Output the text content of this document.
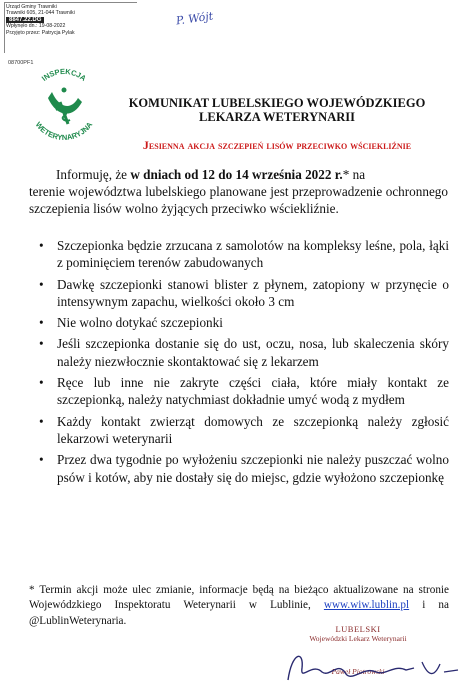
Urząd Gminy Trawniki
Trawniki 605, 21-044 Trawniki
8847.22.DG
Wpłynęło dn.: 19-08-2022
Przyjęto przez: Patrycja Pylak
08700PF1
P. Wójt
INSPEKCJA
WETERYNARYJNA
KOMUNIKAT LUBELSKIEGO WOJEWÓDZKIEGO
LEKARZA WETERYNARII
Jesienna akcja szczepień lisów przeciwko wściekliźnie
Informuję, że w dniach od 12 do 14 września 2022 r.* na
terenie województwa lubelskiego planowane jest przeprowadzenie ochronnego szczepienia lisów wolno żyjących przeciwko wściekliźnie.
• Szczepionka będzie zrzucana z samolotów na kompleksy leśne, pola, łąki z pominięciem terenów zabudowanych
• Dawkę szczepionki stanowi blister z płynem, zatopiony w przynęcie o intensywnym zapachu, wielkości około 3 cm
• Nie wolno dotykać szczepionki
• Jeśli szczepionka dostanie się do ust, oczu, nosa, lub skaleczenia skóry należy niezwłocznie skontaktować się z lekarzem
• Ręce lub inne nie zakryte części ciała, które miały kontakt ze szczepionką, należy natychmiast dokładnie umyć wodą z mydłem
• Każdy kontakt zwierząt domowych ze szczepionką należy zgłosić lekarzowi weterynarii
• Przez dwa tygodnie po wyłożeniu szczepionki nie należy puszczać wolno psów i kotów, aby nie dostały się do miejsc, gdzie wyłożono szczepionkę
* Termin akcji może ulec zmianie, informacje będą na bieżąco aktualizowane na stronie Wojewódzkiego Inspektoratu Weterynarii w Lublinie, www.wiw.lublin.pl i na @LublinWeterynaria.
LUBELSKI
Wojewódzki Lekarz Weterynarii
Paweł Piotrowski
